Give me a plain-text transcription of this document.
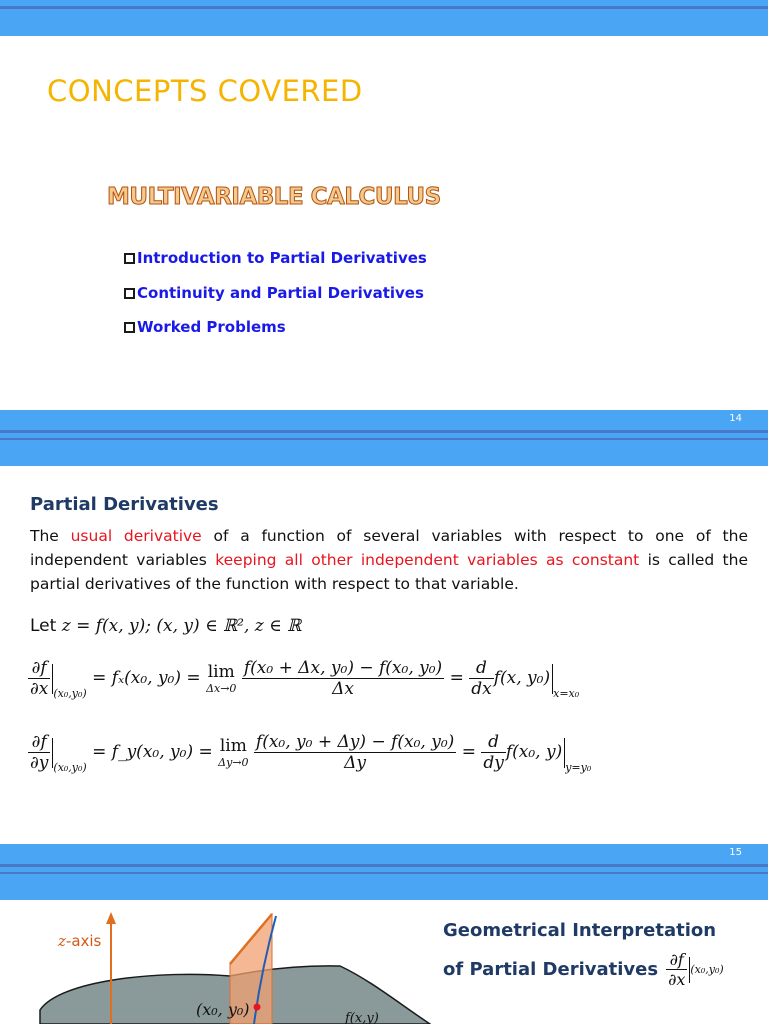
CONCEPTS COVERED
MULTIVARIABLE CALCULUS
Introduction to Partial Derivatives
Continuity and Partial Derivatives
Worked Problems
14
Partial Derivatives
The usual derivative of a function of several variables with respect to one of the independent variables keeping all other independent variables as constant is called the partial derivatives of the function with respect to that variable.
Let z = f(x, y); (x, y) ∈ ℝ², z ∈ ℝ
$\frac{\partial f}{\partial x} _{(x_0,y_0)} = f_x(x_0$, y₀) = lim
Δx→0
$\frac{\text{f(x₀ + Δx, y₀) − f(x₀, y₀)}}{\Delta x} = \frac{d}{dx} f(x$, $y_0)_{x=x_0}$
$\frac{\partial f}{\partial y} _{(x_0,y_0)}$ = f_y(x₀, y₀) = lim
Δy→0
$\frac{\text{f(x₀, y₀ + Δy) − f(x₀, y₀)}}{\Delta y} = \frac{d}{dy} f(x_0$, $y)_{y=y_0}$
15
f(x,y)
z-axis
(x₀, y₀)
Geometrical Interpretation
of Partial Derivatives $\frac{\partial f}{\partial x} (x_0,y_0)$
